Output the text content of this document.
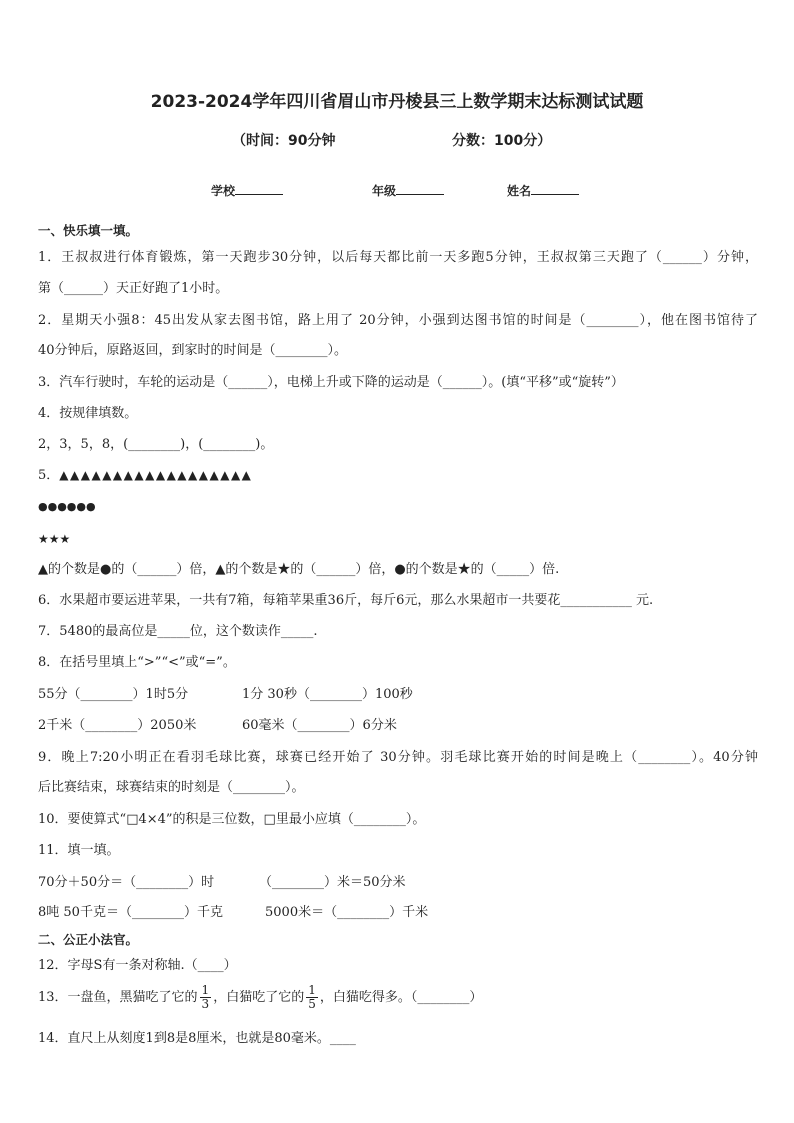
2023-2024学年四川省眉山市丹棱县三上数学期末达标测试试题
（时间：90分钟	分数：100分）
学校	年级	姓名
一、快乐填一填。
1．王叔叔进行体育锻炼，第一天跑步30分钟，以后每天都比前一天多跑5分钟，王叔叔第三天跑了（______）分钟，
第（______）天正好跑了1小时。
2．星期天小强8：45出发从家去图书馆，路上用了 20分钟，小强到达图书馆的时间是（________），他在图书馆待了
40分钟后，原路返回，到家时的时间是（________）。
3．汽车行驶时，车轮的运动是（______），电梯上升或下降的运动是（______）。(填“平移”或“旋转”）
4．按规律填数。
2，3，5，8，(________)，(________)。
5．▲▲▲▲▲▲▲▲▲▲▲▲▲▲▲▲▲▲
●●●●●●
★★★
▲的个数是●的（______）倍，▲的个数是★的（______）倍，●的个数是★的（_____）倍.
6．水果超市要运进苹果，一共有7箱，每箱苹果重36斤，每斤6元，那么水果超市一共要花___________ 元.
7．5480的最高位是_____位，这个数读作_____.
8．在括号里填上“>”“<”或“=”。
55分（________）1时5分	1分 30秒（________）100秒
2千米（________）2050米	60毫米（________）6分米
9．晚上7:20小明正在看羽毛球比赛，球赛已经开始了 30分钟。羽毛球比赛开始的时间是晚上（________）。40分钟
后比赛结束，球赛结束的时刻是（________）。
10．要使算式“□4×4”的积是三位数，□里最小应填（________）。
11．填一填。
70分＋50分＝（________）时	（________）米＝50分米
8吨 50千克＝（________）千克	5000米＝（________）千米
二、公正小法官。
12．字母S有一条对称轴.（____）
13．一盘鱼，黑猫吃了它的 $\frac{1}{3}$ ，白猫吃了它的 $\frac{1}{5}$ ，白猫吃得多。（________）
14．直尺上从刻度1到8是8厘米，也就是80毫米。____
